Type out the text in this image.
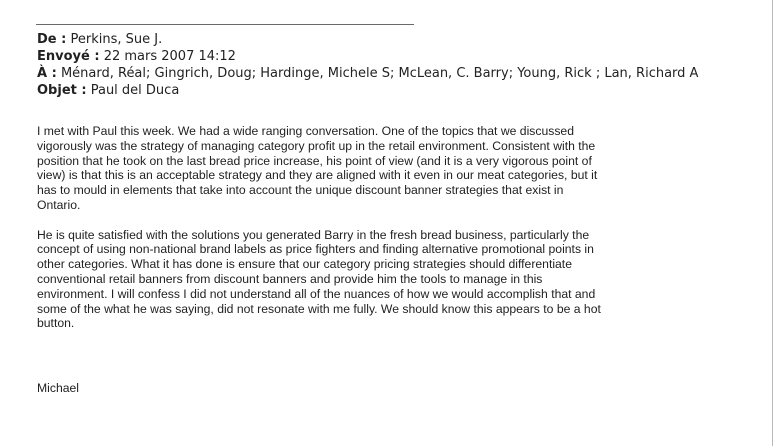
De : Perkins, Sue J.
Envoyé : 22 mars 2007 14:12
À : Ménard, Réal; Gingrich, Doug; Hardinge, Michele S; McLean, C. Barry; Young, Rick ; Lan, Richard A
Objet : Paul del Duca
I met with Paul this week. We had a wide ranging conversation. One of the topics that we discussed
vigorously was the strategy of managing category profit up in the retail environment. Consistent with the
position that he took on the last bread price increase, his point of view (and it is a very vigorous point of
view) is that this is an acceptable strategy and they are aligned with it even in our meat categories, but it
has to mould in elements that take into account the unique discount banner strategies that exist in
Ontario.
He is quite satisfied with the solutions you generated Barry in the fresh bread business, particularly the
concept of using non-national brand labels as price fighters and finding alternative promotional points in
other categories. What it has done is ensure that our category pricing strategies should differentiate
conventional retail banners from discount banners and provide him the tools to manage in this
environment. I will confess I did not understand all of the nuances of how we would accomplish that and
some of the what he was saying, did not resonate with me fully. We should know this appears to be a hot
button.
Michael
